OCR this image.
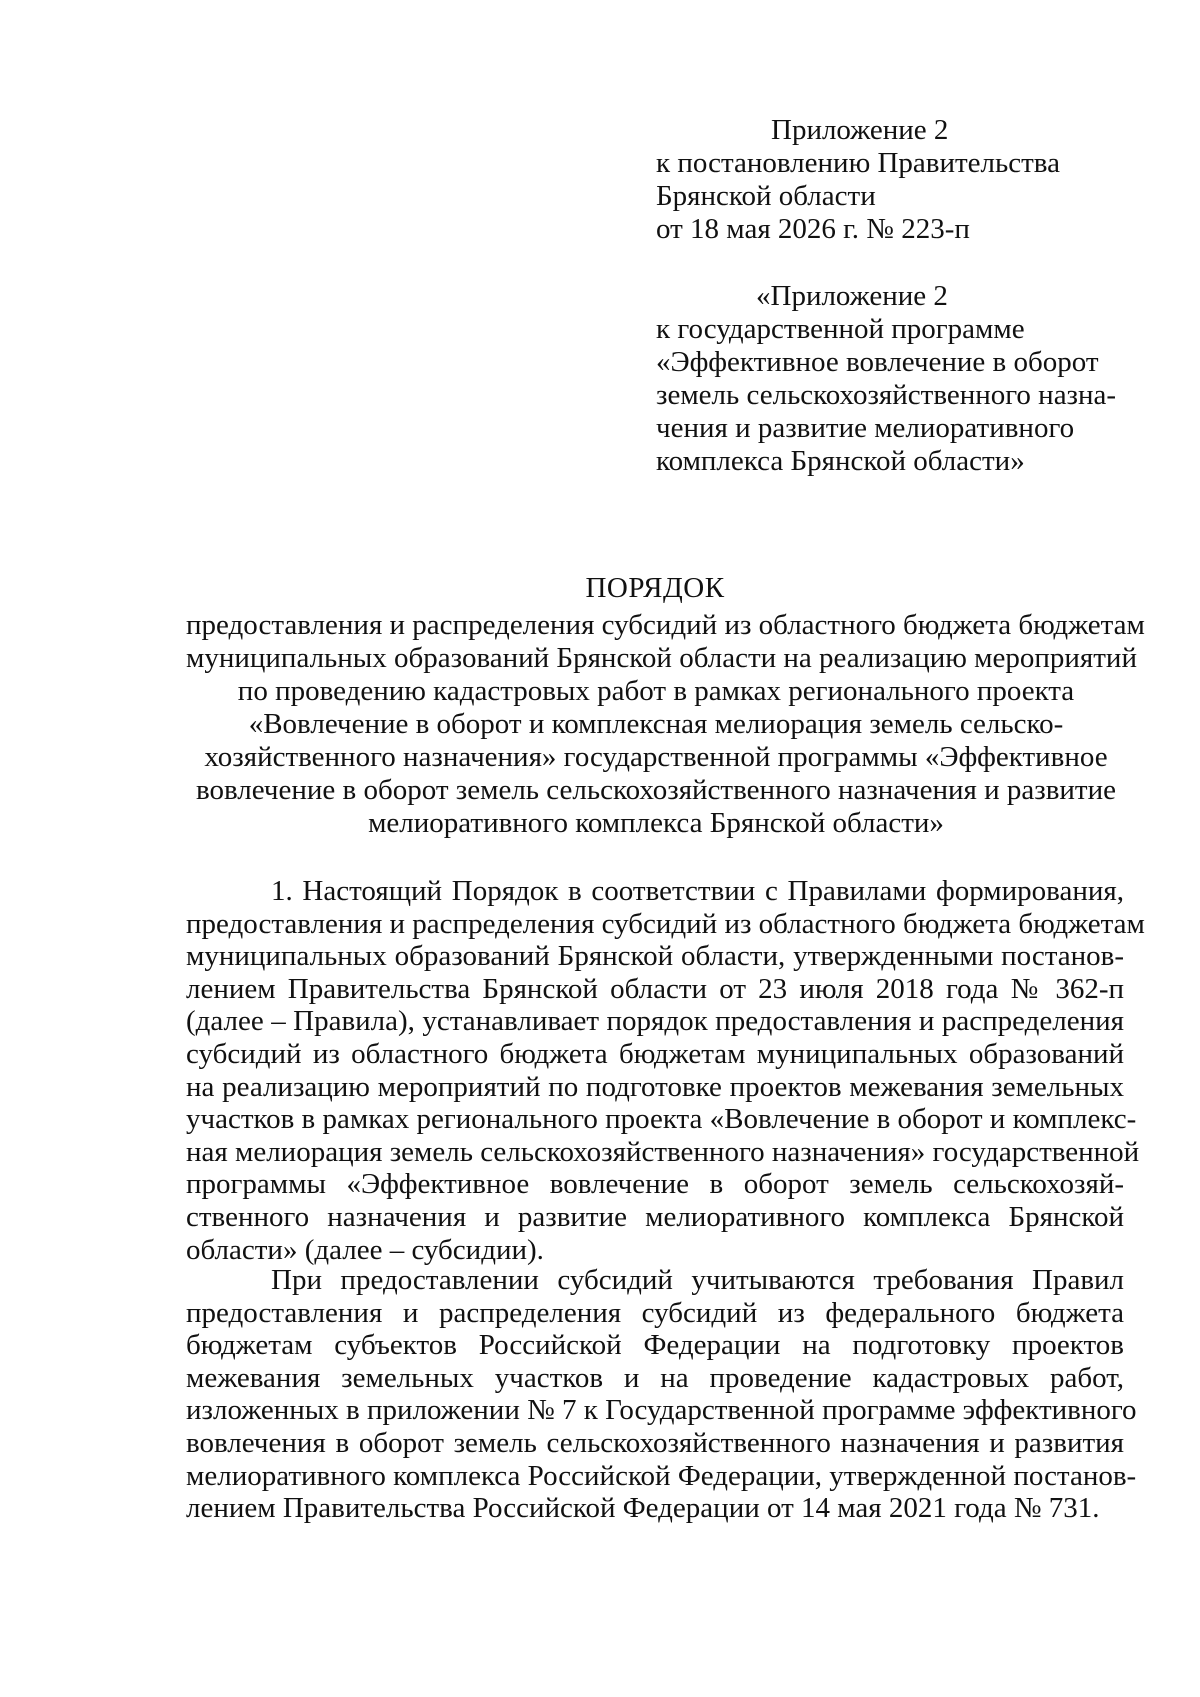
Приложение 2
к постановлению Правительства
Брянской области
от 18 мая 2026 г. № 223-п
«Приложение 2
к государственной программе
«Эффективное вовлечение в оборот
земель сельскохозяйственного назна-
чения и развитие мелиоративного
комплекса Брянской области»
ПОРЯДОК
предоставления и распределения субсидий из областного бюджета бюджетам
муниципальных образований Брянской области на реализацию мероприятий
по проведению кадастровых работ в рамках регионального проекта
«Вовлечение в оборот и комплексная мелиорация земель сельско-
хозяйственного назначения» государственной программы «Эффективное
вовлечение в оборот земель сельскохозяйственного назначения и развитие
мелиоративного комплекса Брянской области»
1. Настоящий Порядок в соответствии с Правилами формирования,
предоставления и распределения субсидий из областного бюджета бюджетам
муниципальных образований Брянской области, утвержденными постанов-
лением Правительства Брянской области от 23 июля 2018 года № 362-п
(далее – Правила), устанавливает порядок предоставления и распределения
субсидий из областного бюджета бюджетам муниципальных образований
на реализацию мероприятий по подготовке проектов межевания земельных
участков в рамках регионального проекта «Вовлечение в оборот и комплекс-
ная мелиорация земель сельскохозяйственного назначения» государственной
программы «Эффективное вовлечение в оборот земель сельскохозяй-
ственного назначения и развитие мелиоративного комплекса Брянской
области» (далее – субсидии).
При предоставлении субсидий учитываются требования Правил
предоставления и распределения субсидий из федерального бюджета
бюджетам субъектов Российской Федерации на подготовку проектов
межевания земельных участков и на проведение кадастровых работ,
изложенных в приложении № 7 к Государственной программе эффективного
вовлечения в оборот земель сельскохозяйственного назначения и развития
мелиоративного комплекса Российской Федерации, утвержденной постанов-
лением Правительства Российской Федерации от 14 мая 2021 года № 731.
